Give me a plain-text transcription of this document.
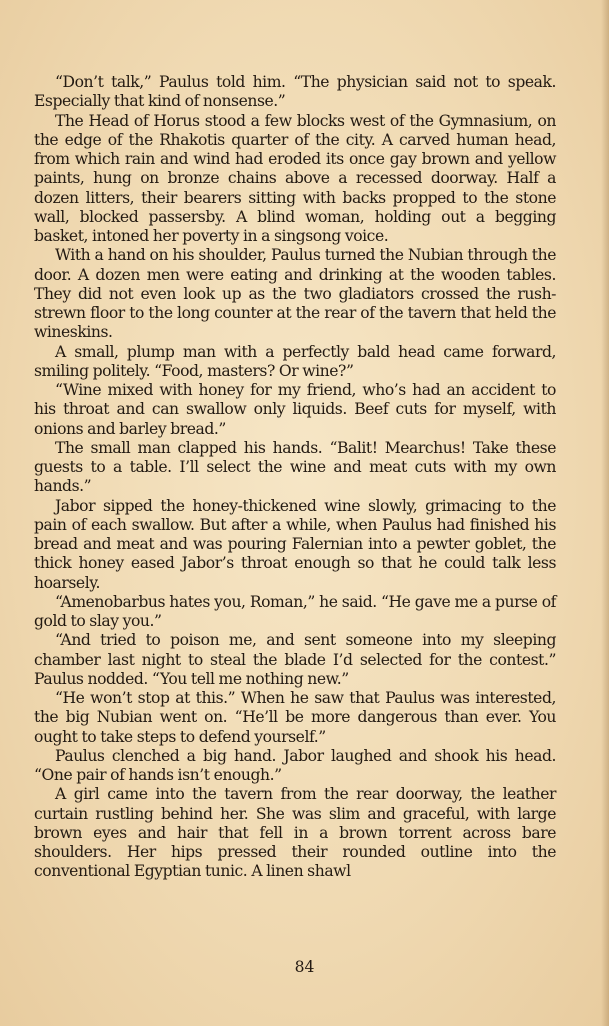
“Don’t talk,” Paulus told him. “The physician said not to speak. Especially that kind of nonsense.”

The Head of Horus stood a few blocks west of the Gymnasium, on the edge of the Rhakotis quarter of the city. A carved human head, from which rain and wind had eroded its once gay brown and yellow paints, hung on bronze chains above a recessed doorway. Half a dozen litters, their bearers sitting with backs propped to the stone wall, blocked passersby. A blind woman, holding out a begging basket, intoned her poverty in a singsong voice.

With a hand on his shoulder, Paulus turned the Nubian through the door. A dozen men were eating and drinking at the wooden tables. They did not even look up as the two gladiators crossed the rush-strewn floor to the long counter at the rear of the tavern that held the wineskins.

A small, plump man with a perfectly bald head came forward, smiling politely. “Food, masters? Or wine?”

“Wine mixed with honey for my friend, who’s had an accident to his throat and can swallow only liquids. Beef cuts for myself, with onions and barley bread.”

The small man clapped his hands. “Balit! Mearchus! Take these guests to a table. I’ll select the wine and meat cuts with my own hands.”

Jabor sipped the honey-thickened wine slowly, grimacing to the pain of each swallow. But after a while, when Paulus had finished his bread and meat and was pouring Falernian into a pewter goblet, the thick honey eased Jabor’s throat enough so that he could talk less hoarsely.

“Amenobarbus hates you, Roman,” he said. “He gave me a purse of gold to slay you.”

“And tried to poison me, and sent someone into my sleeping chamber last night to steal the blade I’d selected for the contest.” Paulus nodded. “You tell me nothing new.”

“He won’t stop at this.” When he saw that Paulus was interested, the big Nubian went on. “He’ll be more dangerous than ever. You ought to take steps to defend yourself.”

Paulus clenched a big hand. Jabor laughed and shook his head. “One pair of hands isn’t enough.”

A girl came into the tavern from the rear doorway, the leather curtain rustling behind her. She was slim and graceful, with large brown eyes and hair that fell in a brown torrent across bare shoulders. Her hips pressed their rounded outline into the conventional Egyptian tunic. A linen shawl

84
